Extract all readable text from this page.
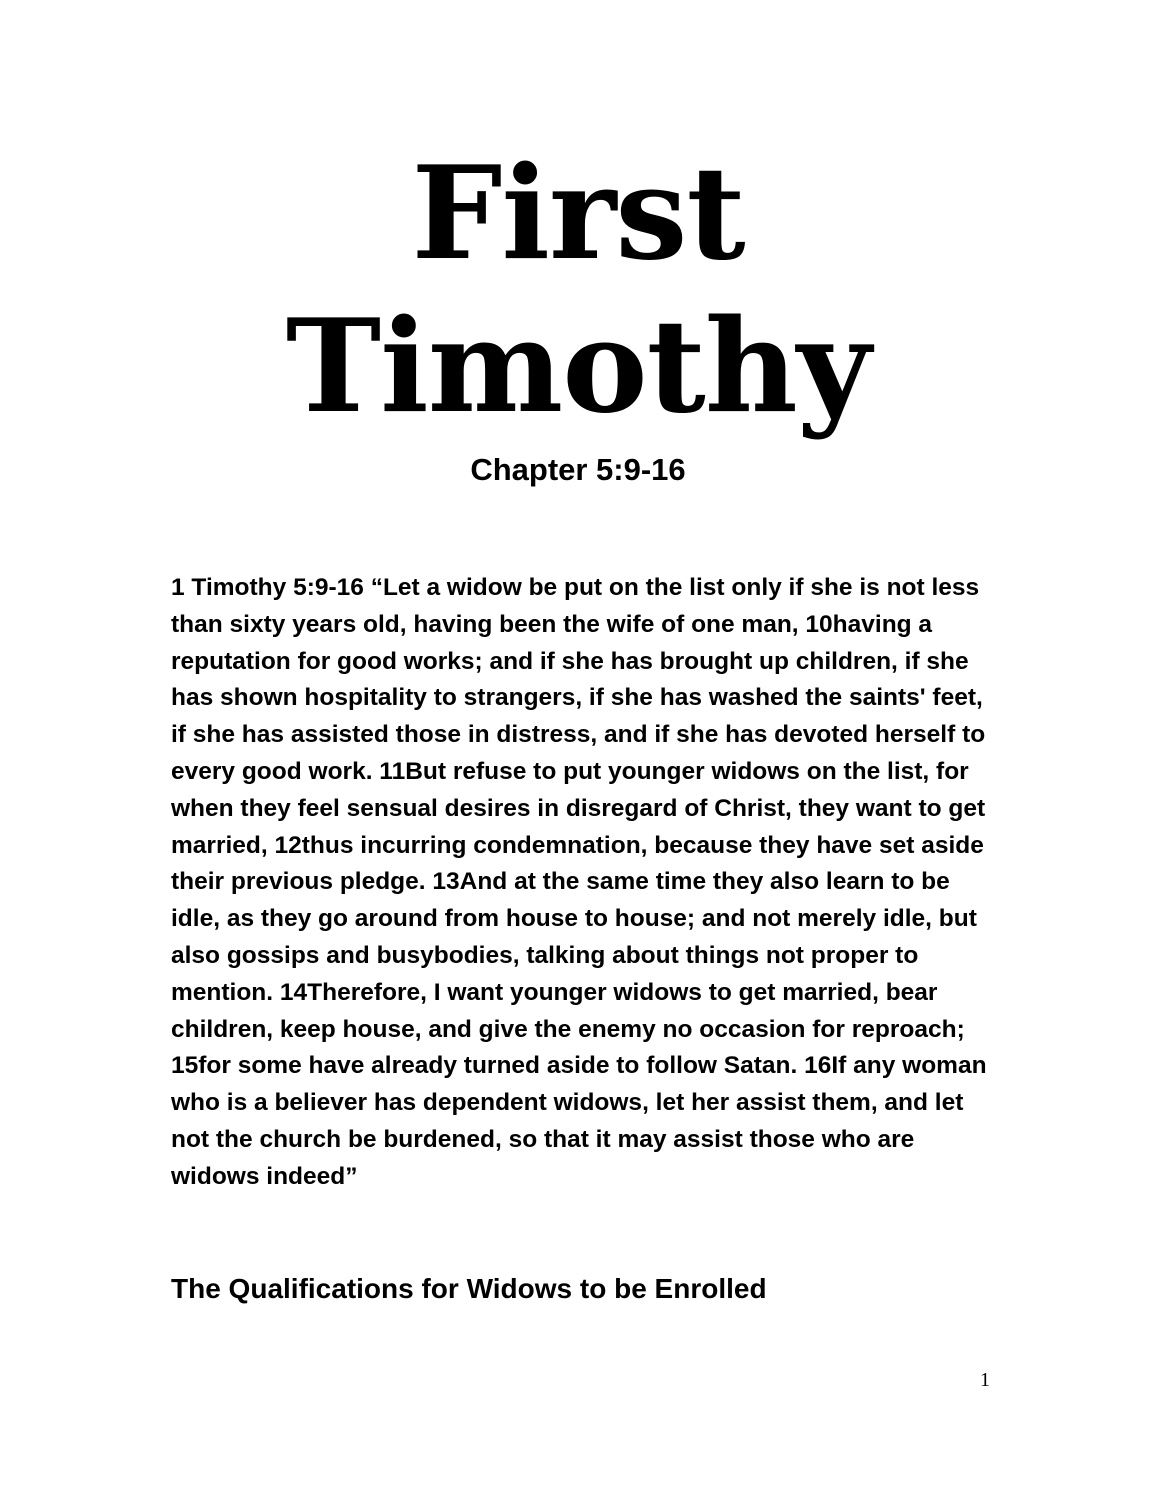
First
Timothy
Chapter 5:9-16

1 Timothy 5:9-16 “Let a widow be put on the list only if she is not less than sixty years old, having been the wife of one man, 10having a reputation for good works; and if she has brought up children, if she has shown hospitality to strangers, if she has washed the saints' feet, if she has assisted those in distress, and if she has devoted herself to every good work. 11But refuse to put younger widows on the list, for when they feel sensual desires in disregard of Christ, they want to get married, 12thus incurring condemnation, because they have set aside their previous pledge. 13And at the same time they also learn to be idle, as they go around from house to house; and not merely idle, but also gossips and busybodies, talking about things not proper to mention. 14Therefore, I want younger widows to get married, bear children, keep house, and give the enemy no occasion for reproach; 15for some have already turned aside to follow Satan. 16If any woman who is a believer has dependent widows, let her assist them, and let not the church be burdened, so that it may assist those who are widows indeed”

The Qualifications for Widows to be Enrolled
1
